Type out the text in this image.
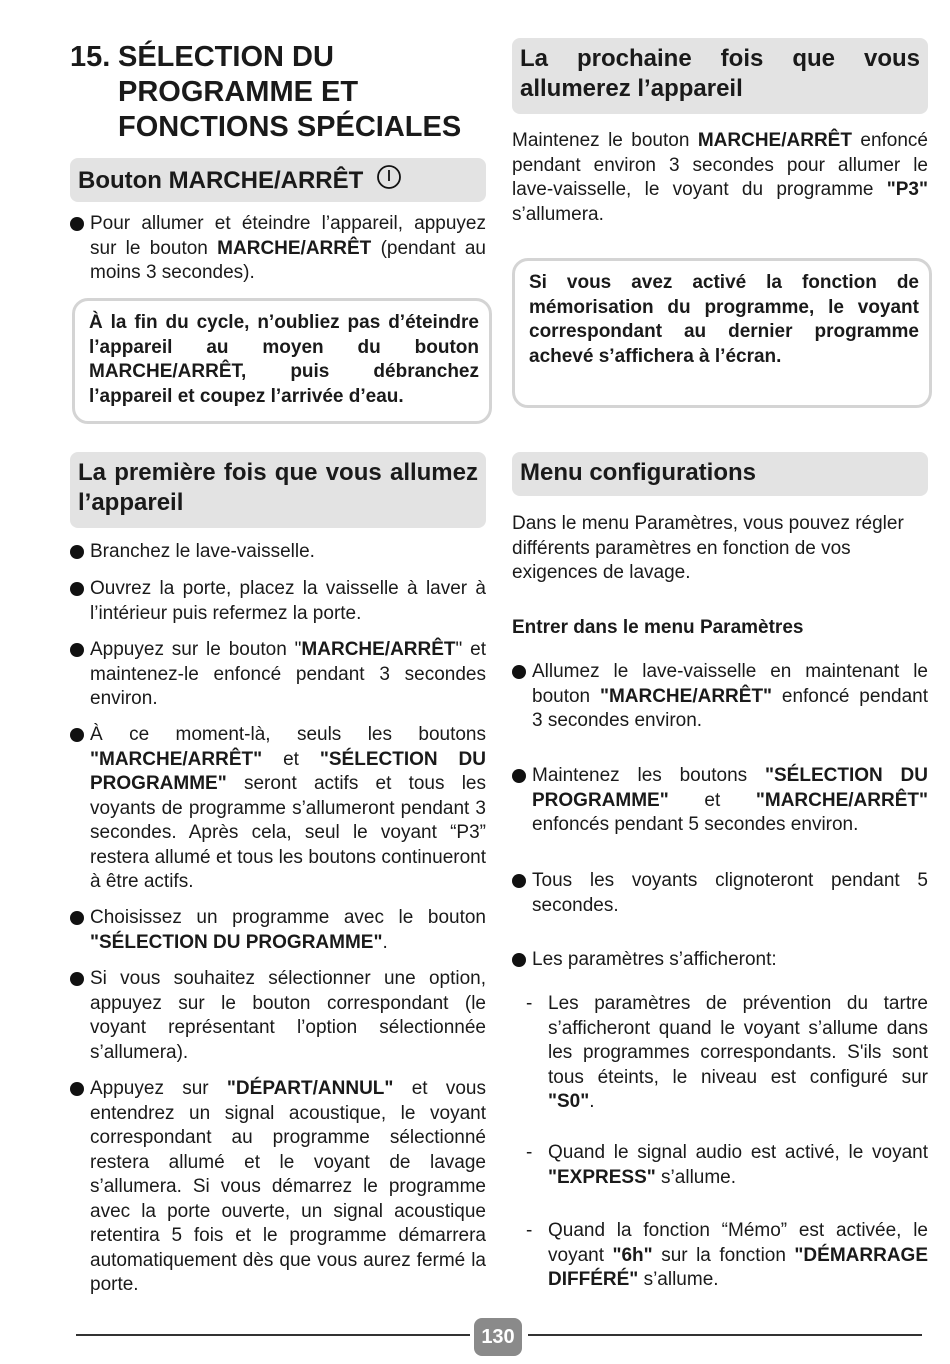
15. SÉLECTION DU PROGRAMME ET FONCTIONS SPÉCIALES
Bouton MARCHE/ARRÊT
Pour allumer et éteindre l’appareil, appuyez sur le bouton MARCHE/ARRÊT (pendant au moins 3 secondes).
À la fin du cycle, n’oubliez pas d’éteindre l’appareil au moyen du bouton MARCHE/ARRÊT, puis débranchez l’appareil et coupez l’arrivée d’eau.
La première fois que vous allumez l’appareil
Branchez le lave-vaisselle.
Ouvrez la porte, placez la vaisselle à laver à l’intérieur puis refermez la porte.
Appuyez sur le bouton "MARCHE/ARRÊT" et maintenez-le enfoncé pendant 3 secondes environ.
À ce moment-là, seuls les boutons "MARCHE/ARRÊT" et "SÉLECTION DU PROGRAMME" seront actifs et tous les voyants de programme s’allumeront pendant 3 secondes. Après cela, seul le voyant “P3” restera allumé et tous les boutons continueront à être actifs.
Choisissez un programme avec le bouton "SÉLECTION DU PROGRAMME".
Si vous souhaitez sélectionner une option, appuyez sur le bouton correspondant (le voyant représentant l’option sélectionnée s’allumera).
Appuyez sur "DÉPART/ANNUL" et vous entendrez un signal acoustique, le voyant correspondant au programme sélectionné restera allumé et le voyant de lavage s’allumera. Si vous démarrez le programme avec la porte ouverte, un signal acoustique retentira 5 fois et le programme démarrera automatiquement dès que vous aurez fermé la porte.
La prochaine fois que vous allumerez l’appareil
Maintenez le bouton MARCHE/ARRÊT enfoncé pendant environ 3 secondes pour allumer le lave-vaisselle, le voyant du programme "P3" s’allumera.
Si vous avez activé la fonction de mémorisation du programme, le voyant correspondant au dernier programme achevé s’affichera à l’écran.
Menu configurations
Dans le menu Paramètres, vous pouvez régler différents paramètres en fonction de vos exigences de lavage.
Entrer dans le menu Paramètres
Allumez le lave-vaisselle en maintenant le bouton "MARCHE/ARRÊT" enfoncé pendant 3 secondes environ.
Maintenez les boutons "SÉLECTION DU PROGRAMME" et "MARCHE/ARRÊT" enfoncés pendant 5 secondes environ.
Tous les voyants clignoteront pendant 5 secondes.
Les paramètres s’afficheront:
- Les paramètres de prévention du tartre s’afficheront quand le voyant s’allume dans les programmes correspondants. S'ils sont tous éteints, le niveau est configuré sur "S0".
- Quand le signal audio est activé, le voyant "EXPRESS" s’allume.
- Quand la fonction “Mémo” est activée, le voyant "6h" sur la fonction "DÉMARRAGE DIFFÉRÉ" s’allume.
130
